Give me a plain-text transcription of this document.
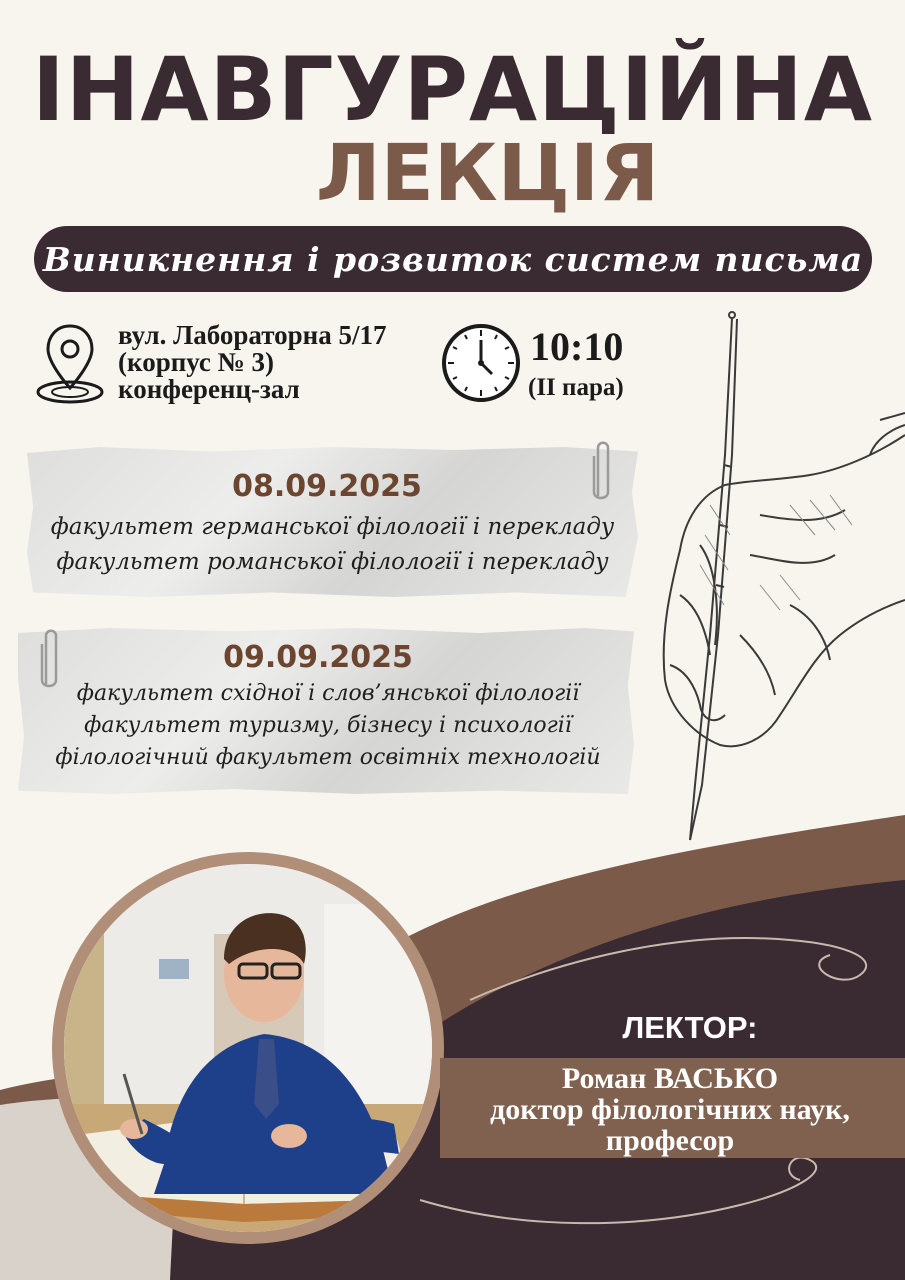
ІНАВГУРАЦІЙНА
ЛЕКЦІЯ
Виникнення і розвиток систем письма
вул. Лабораторна 5/17
(корпус № 3)
конференц-зал
10:10
(II пара)
08.09.2025
факультет германської філології і перекладу
факультет романської філології і перекладу
09.09.2025
факультет східної і слов’янської філології
факультет туризму, бізнесу і психології
філологічний факультет освітніх технологій
ЛЕКТОР:
Роман ВАСЬКО
доктор філологічних наук,
професор
